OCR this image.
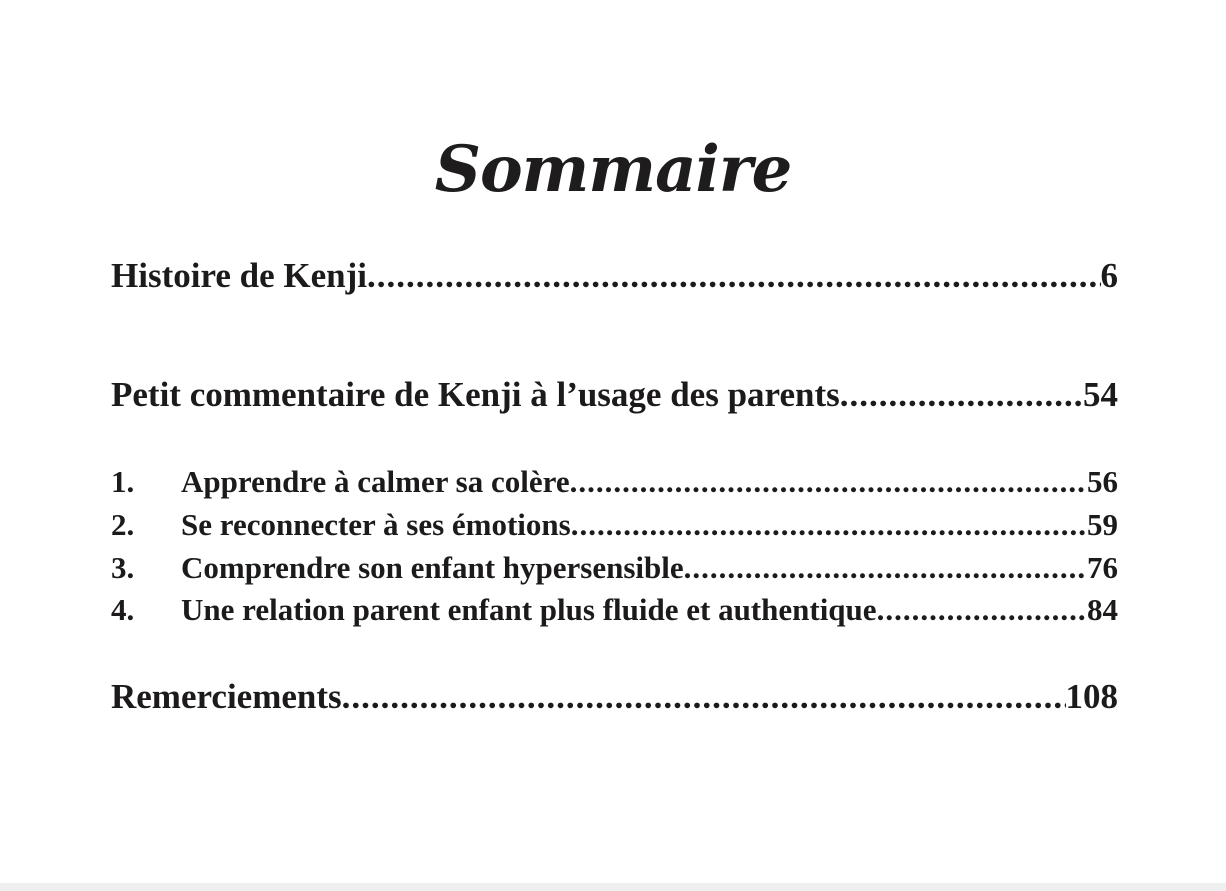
Sommaire
Histoire de Kenji .....	6
Petit commentaire de Kenji à l’usage des parents .....	54
1.	Apprendre à calmer sa colère .....	56
2.	Se reconnecter à ses émotions .....	59
3.	Comprendre son enfant hypersensible .....	76
4.	Une relation parent enfant plus fluide et authentique .....	84
Remerciements .....	108
